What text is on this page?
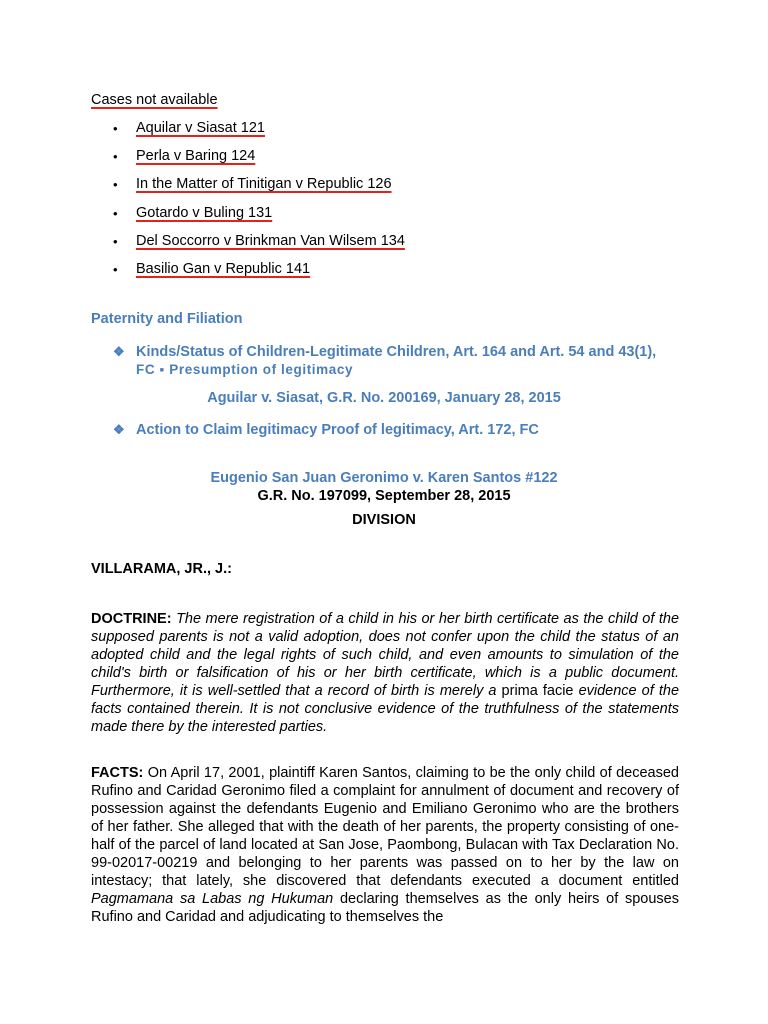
Cases not available
• Aquilar v Siasat 121
• Perla v Baring 124
• In the Matter of Tinitigan v Republic 126
• Gotardo v Buling 131
• Del Soccorro v Brinkman Van Wilsem 134
• Basilio Gan v Republic 141
Paternity and Filiation
❖ Kinds/Status of Children-Legitimate Children, Art. 164 and Art. 54 and 43(1),
FC ▪ Presumption of legitimacy
Aguilar v. Siasat, G.R. No. 200169, January 28, 2015
❖ Action to Claim legitimacy Proof of legitimacy, Art. 172, FC
Eugenio San Juan Geronimo v. Karen Santos #122
G.R. No. 197099, September 28, 2015
DIVISION
VILLARAMA, JR., J.:
DOCTRINE: The mere registration of a child in his or her birth certificate as the child of the supposed parents is not a valid adoption, does not confer upon the child the status of an adopted child and the legal rights of such child, and even amounts to simulation of the child's birth or falsification of his or her birth certificate, which is a public document. Furthermore, it is well-settled that a record of birth is merely a prima facie evidence of the facts contained therein. It is not conclusive evidence of the truthfulness of the statements made there by the interested parties.
FACTS: On April 17, 2001, plaintiff Karen Santos, claiming to be the only child of deceased Rufino and Caridad Geronimo filed a complaint for annulment of document and recovery of possession against the defendants Eugenio and Emiliano Geronimo who are the brothers of her father. She alleged that with the death of her parents, the property consisting of one-half of the parcel of land located at San Jose, Paombong, Bulacan with Tax Declaration No. 99-02017-00219 and belonging to her parents was passed on to her by the law on intestacy; that lately, she discovered that defendants executed a document entitled Pagmamana sa Labas ng Hukuman declaring themselves as the only heirs of spouses Rufino and Caridad and adjudicating to themselves the
